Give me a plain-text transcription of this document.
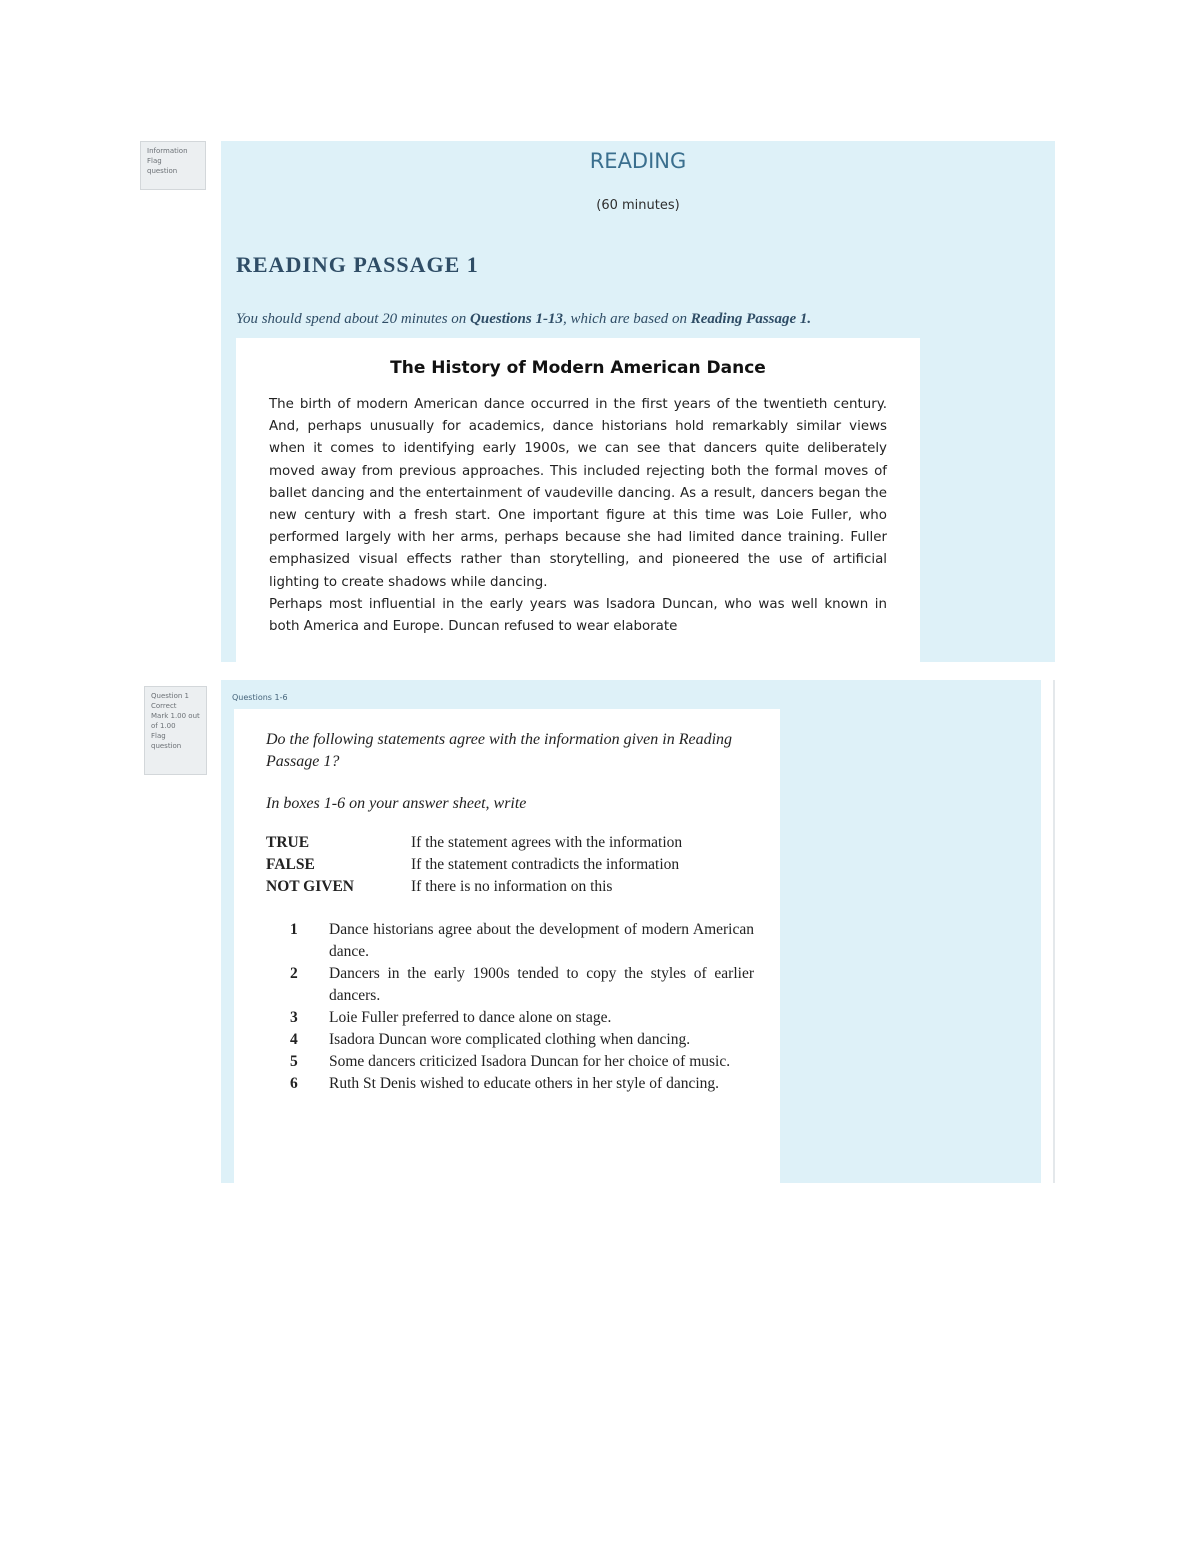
Information
Flag
question	READING
(60 minutes)
READING PASSAGE 1
You should spend about 20 minutes on Questions 1-13, which are based on Reading Passage 1.
The History of Modern American Dance

The birth of modern American dance occurred in the first years of the twentieth century. And, perhaps unusually for academics, dance historians hold remarkably similar views when it comes to identifying early 1900s, we can see that dancers quite deliberately moved away from previous approaches. This included rejecting both the formal moves of ballet dancing and the entertainment of vaudeville dancing. As a result, dancers began the new century with a fresh start. One important figure at this time was Loie Fuller, who performed largely with her arms, perhaps because she had limited dance training. Fuller emphasized visual effects rather than storytelling, and pioneered the use of artificial lighting to create shadows while dancing.

Perhaps most influential in the early years was Isadora Duncan, who was well known in both America and Europe. Duncan refused to wear elaborate

Question 1
Correct
Mark 1.00 out
of 1.00
Flag
question
Questions 1-6
Do the following statements agree with the information given in Reading Passage 1?
In boxes 1-6 on your answer sheet, write
TRUE	If the statement agrees with the information
FALSE	If the statement contradicts the information
NOT GIVEN	If there is no information on this
1	Dance historians agree about the development of modern American dance.
2	Dancers in the early 1900s tended to copy the styles of earlier dancers.
3	Loie Fuller preferred to dance alone on stage.
4	Isadora Duncan wore complicated clothing when dancing.
5	Some dancers criticized Isadora Duncan for her choice of music.
6	Ruth St Denis wished to educate others in her style of dancing.
